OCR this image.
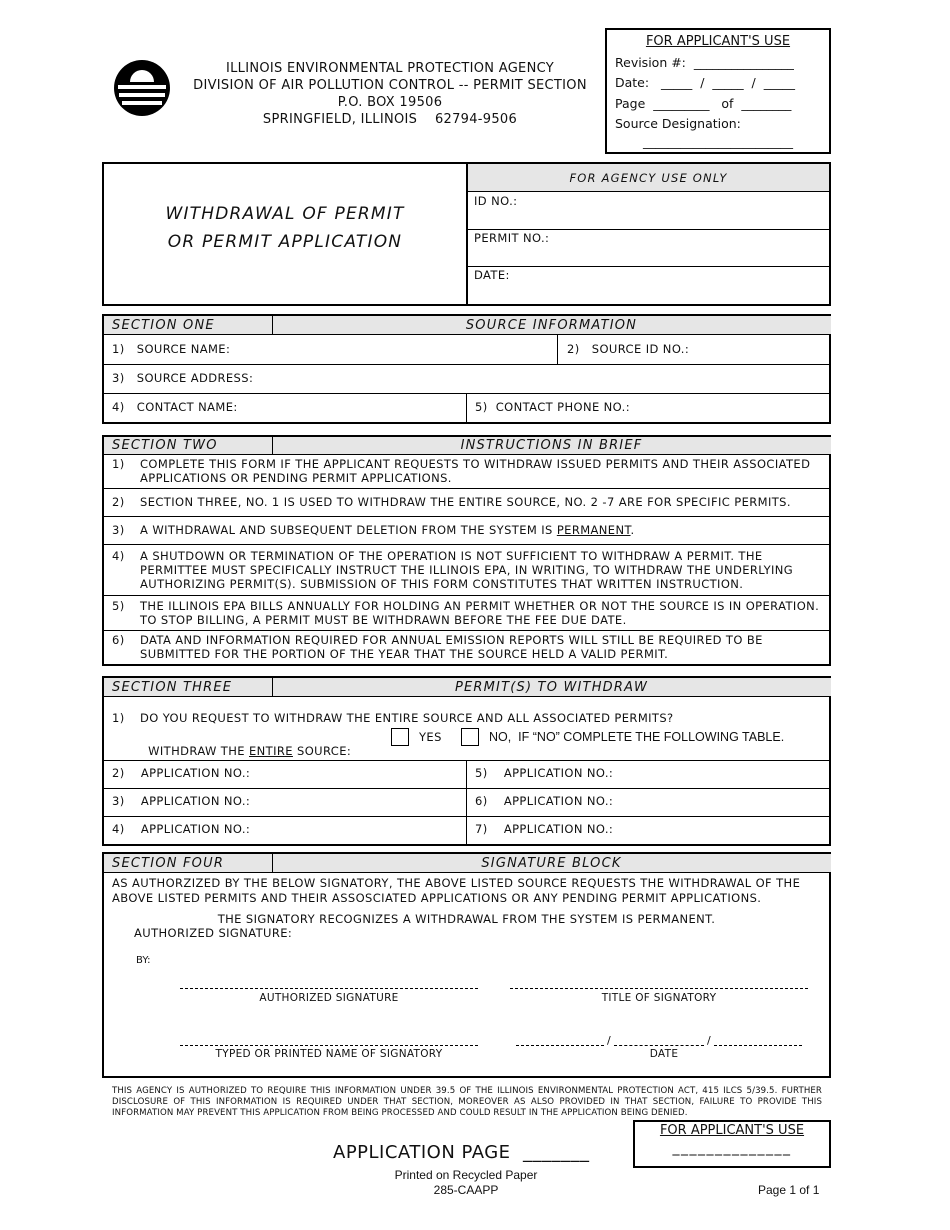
ILLINOIS ENVIRONMENTAL PROTECTION AGENCY
DIVISION OF AIR POLLUTION CONTROL -- PERMIT SECTION
P.O. BOX 19506
SPRINGFIELD, ILLINOIS    62794-9506
FOR APPLICANT'S USE
Revision #:  ________________
Date:   _____  /  _____  /  _____
Page  _________   of  ________
Source Designation:
________________________
WITHDRAWAL OF PERMIT
OR PERMIT APPLICATION
FOR AGENCY USE ONLY
ID NO.:
PERMIT NO.:
DATE:
SECTION ONE	SOURCE INFORMATION
1)   SOURCE NAME:	2)   SOURCE ID NO.:
3)   SOURCE ADDRESS:
4)   CONTACT NAME:	5)  CONTACT PHONE NO.:
SECTION TWO	INSTRUCTIONS IN BRIEF
1) COMPLETE THIS FORM IF THE APPLICANT REQUESTS TO WITHDRAW ISSUED PERMITS AND THEIR ASSOCIATED APPLICATIONS OR PENDING PERMIT APPLICATIONS.
2) SECTION THREE, NO. 1 IS USED TO WITHDRAW THE ENTIRE SOURCE, NO. 2 -7 ARE FOR SPECIFIC PERMITS.
3) A WITHDRAWAL AND SUBSEQUENT DELETION FROM THE SYSTEM IS PERMANENT.
4) A SHUTDOWN OR TERMINATION OF THE OPERATION IS NOT SUFFICIENT TO WITHDRAW A PERMIT. THE PERMITTEE MUST SPECIFICALLY INSTRUCT THE ILLINOIS EPA, IN WRITING, TO WITHDRAW THE UNDERLYING AUTHORIZING PERMIT(S). SUBMISSION OF THIS FORM CONSTITUTES THAT WRITTEN INSTRUCTION.
5) THE ILLINOIS EPA BILLS ANNUALLY FOR HOLDING AN PERMIT WHETHER OR NOT THE SOURCE IS IN OPERATION. TO STOP BILLING, A PERMIT MUST BE WITHDRAWN BEFORE THE FEE DUE DATE.
6) DATA AND INFORMATION REQUIRED FOR ANNUAL EMISSION REPORTS WILL STILL BE REQUIRED TO BE SUBMITTED FOR THE PORTION OF THE YEAR THAT THE SOURCE HELD A VALID PERMIT.
SECTION THREE	PERMIT(S) TO WITHDRAW
1) DO YOU REQUEST TO WITHDRAW THE ENTIRE SOURCE AND ALL ASSOCIATED PERMITS?

WITHDRAW THE ENTIRE SOURCE:

YES	NO,  IF “NO” COMPLETE THE FOLLOWING TABLE.
2)    APPLICATION NO.:	5)    APPLICATION NO.:
3)    APPLICATION NO.:	6)    APPLICATION NO.:
4)    APPLICATION NO.:	7)    APPLICATION NO.:
SECTION FOUR	SIGNATURE BLOCK
AS AUTHORZIZED BY THE BELOW SIGNATORY, THE ABOVE LISTED SOURCE REQUESTS THE WITHDRAWAL OF THE ABOVE LISTED PERMITS AND THEIR ASSOSCIATED APPLICATIONS OR ANY PENDING PERMIT APPLICATIONS.
THE SIGNATORY RECOGNIZES A WITHDRAWAL FROM THE SYSTEM IS PERMANENT.
AUTHORIZED SIGNATURE:
BY:
AUTHORIZED SIGNATURE	TITLE OF SIGNATORY
TYPED OR PRINTED NAME OF SIGNATORY
/	/
DATE
THIS AGENCY IS AUTHORIZED TO REQUIRE THIS INFORMATION UNDER 39.5 OF THE ILLINOIS ENVIRONMENTAL PROTECTION ACT, 415 ILCS 5/39.5. FURTHER DISCLOSURE OF THIS INFORMATION IS REQUIRED UNDER THAT SECTION, MOREOVER AS ALSO PROVIDED IN THAT SECTION, FAILURE TO PROVIDE THIS INFORMATION MAY PREVENT THIS APPLICATION FROM BEING PROCESSED AND COULD RESULT IN THE APPLICATION BEING DENIED.
APPLICATION PAGE  _______
Printed on Recycled Paper
285-CAAPP	Page 1 of 1
FOR APPLICANT'S USE
______________
